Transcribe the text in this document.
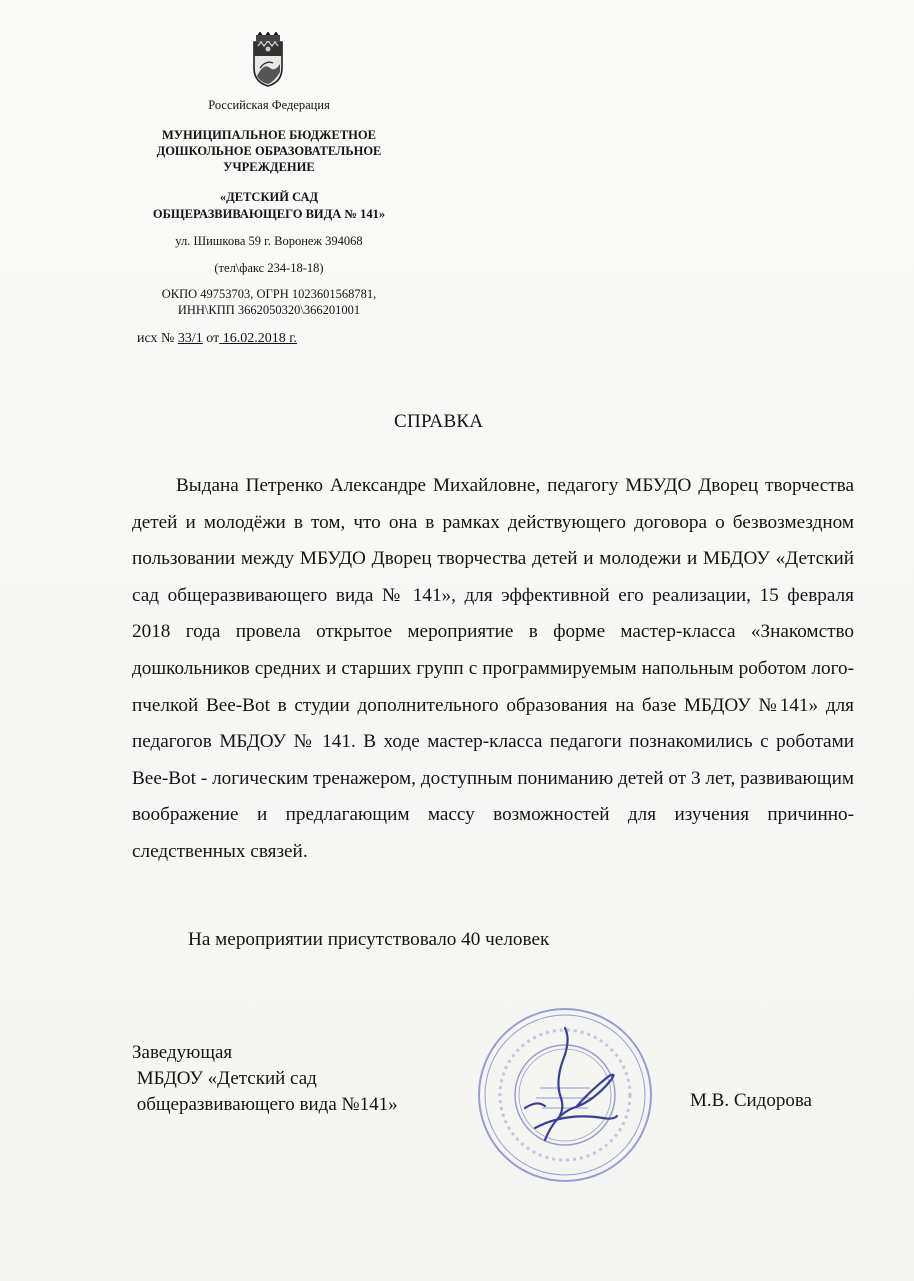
Российская Федерация
МУНИЦИПАЛЬНОЕ БЮДЖЕТНОЕ
ДОШКОЛЬНОЕ ОБРАЗОВАТЕЛЬНОЕ
УЧРЕЖДЕНИЕ
«ДЕТСКИЙ САД
ОБЩЕРАЗВИВАЮЩЕГО ВИДА № 141»
ул. Шишкова 59 г. Воронеж 394068
(тел\факс 234-18-18)
ОКПО 49753703, ОГРН 1023601568781,
ИНН\КПП 3662050320\366201001
исх № 33/1 от 16.02.2018 г.
СПРАВКА

Выдана Петренко Александре Михайловне, педагогу МБУДО Дворец творчества детей и молодёжи в том, что она в рамках действующего договора о безвозмездном пользовании между МБУДО Дворец творчества детей и молодежи и МБДОУ «Детский сад общеразвивающего вида № 141», для эффективной его реализации, 15 февраля 2018 года провела открытое мероприятие в форме мастер-класса «Знакомство дошкольников средних и старших групп с программируемым напольным роботом лого-пчелкой Bee-Bot в студии дополнительного образования на базе МБДОУ №141» для педагогов МБДОУ № 141. В ходе мастер-класса педагоги познакомились с роботами Bee-Bot - логическим тренажером, доступным пониманию детей от 3 лет, развивающим воображение и предлагающим массу возможностей для изучения причинно-следственных связей.

На мероприятии присутствовало 40 человек

Заведующая
МБДОУ «Детский сад
общеразвивающего вида №141»	М.В. Сидорова
